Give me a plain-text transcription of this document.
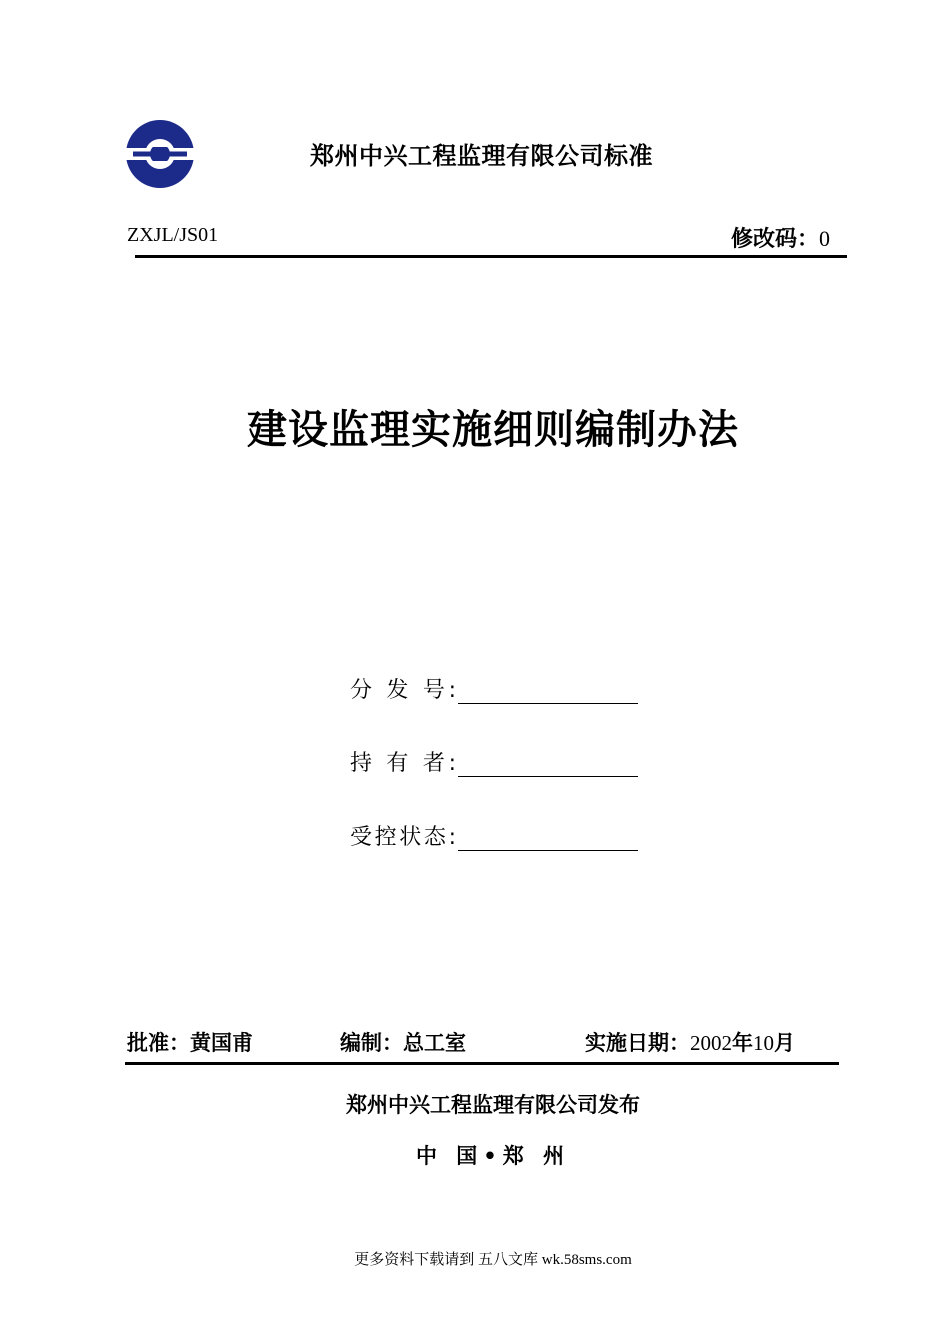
郑州中兴工程监理有限公司标准
ZXJL/JS01	修改码：0
建设监理实施细则编制办法
分 发 号:
持 有 者:
受控状态:
批准：黄国甫	编制：总工室	实施日期：2002年10月
郑州中兴工程监理有限公司发布
中 国•郑 州
更多资料下载请到 五八文库 wk.58sms.com
